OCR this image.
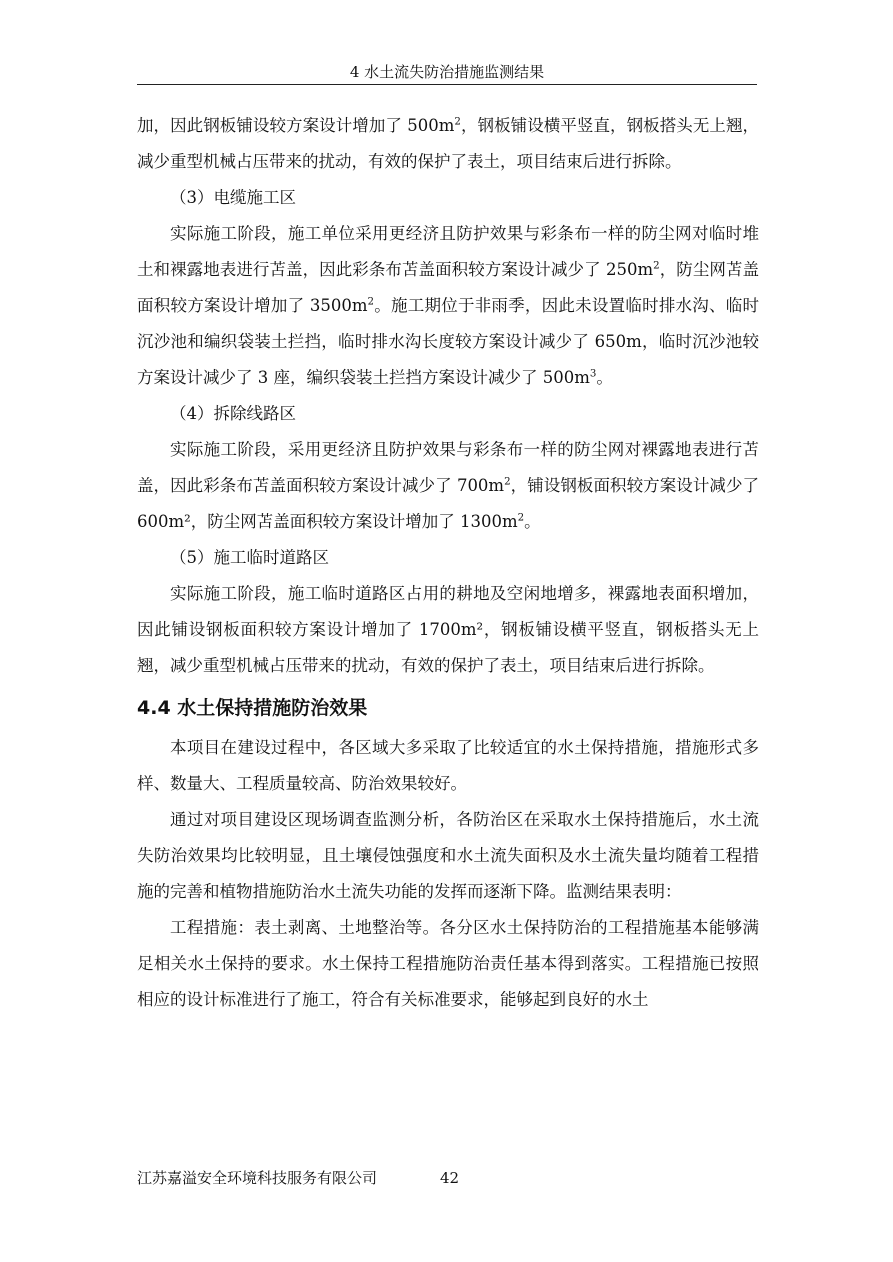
4 水土流失防治措施监测结果

加，因此钢板铺设较方案设计增加了 $500m^2$，钢板铺设横平竖直，钢板搭头无上翘，减少重型机械占压带来的扰动，有效的保护了表土，项目结束后进行拆除。

（3）电缆施工区

实际施工阶段，施工单位采用更经济且防护效果与彩条布一样的防尘网对临时堆土和裸露地表进行苫盖，因此彩条布苫盖面积较方案设计减少了 $250m^2$，防尘网苫盖面积较方案设计增加了 $3500m^2$。施工期位于非雨季，因此未设置临时排水沟、临时沉沙池和编织袋装土拦挡，临时排水沟长度较方案设计减少了 650m，临时沉沙池较方案设计减少了 3 座，编织袋装土拦挡方案设计减少了 $500m^3$。

（4）拆除线路区

实际施工阶段，采用更经济且防护效果与彩条布一样的防尘网对裸露地表进行苫盖，因此彩条布苫盖面积较方案设计减少了 $700m^2$，铺设钢板面积较方案设计减少了 600m²，防尘网苫盖面积较方案设计增加了 $1300m^2$。

（5）施工临时道路区

实际施工阶段，施工临时道路区占用的耕地及空闲地增多，裸露地表面积增加，因此铺设钢板面积较方案设计增加了 1700m²，钢板铺设横平竖直，钢板搭头无上翘，减少重型机械占压带来的扰动，有效的保护了表土，项目结束后进行拆除。

4.4 水土保持措施防治效果

本项目在建设过程中，各区域大多采取了比较适宜的水土保持措施，措施形式多样、数量大、工程质量较高、防治效果较好。

通过对项目建设区现场调查监测分析，各防治区在采取水土保持措施后，水土流失防治效果均比较明显，且土壤侵蚀强度和水土流失面积及水土流失量均随着工程措施的完善和植物措施防治水土流失功能的发挥而逐渐下降。监测结果表明：

工程措施：表土剥离、土地整治等。各分区水土保持防治的工程措施基本能够满足相关水土保持的要求。水土保持工程措施防治责任基本得到落实。工程措施已按照相应的设计标准进行了施工，符合有关标准要求，能够起到良好的水土

江苏嘉溢安全环境科技服务有限公司	42
